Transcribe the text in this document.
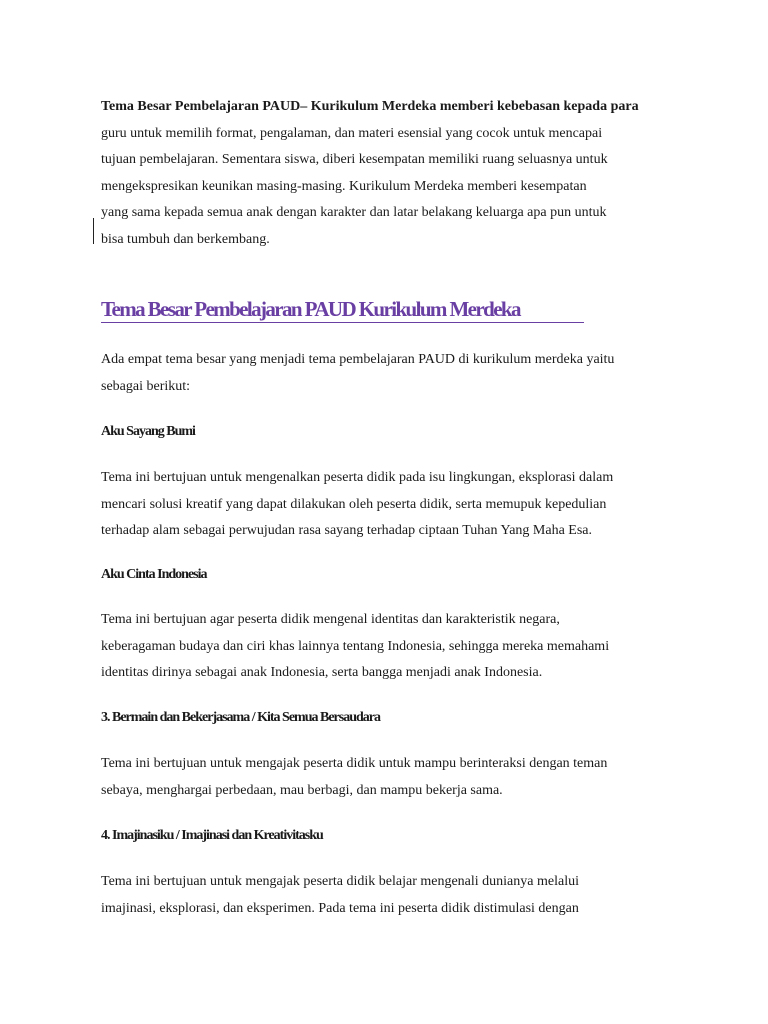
Tema Besar Pembelajaran PAUD– Kurikulum Merdeka memberi kebebasan kepada para
guru untuk memilih format, pengalaman, dan materi esensial yang cocok untuk mencapai
tujuan pembelajaran. Sementara siswa, diberi kesempatan memiliki ruang seluasnya untuk
mengekspresikan keunikan masing-masing. Kurikulum Merdeka memberi kesempatan
yang sama kepada semua anak dengan karakter dan latar belakang keluarga apa pun untuk
bisa tumbuh dan berkembang.
Tema Besar Pembelajaran PAUD Kurikulum Merdeka
Ada empat tema besar yang menjadi tema pembelajaran PAUD di kurikulum merdeka yaitu
sebagai berikut:
Aku Sayang Bumi
Tema ini bertujuan untuk mengenalkan peserta didik pada isu lingkungan, eksplorasi dalam
mencari solusi kreatif yang dapat dilakukan oleh peserta didik, serta memupuk kepedulian
terhadap alam sebagai perwujudan rasa sayang terhadap ciptaan Tuhan Yang Maha Esa.
Aku Cinta Indonesia
Tema ini bertujuan agar peserta didik mengenal identitas dan karakteristik negara,
keberagaman budaya dan ciri khas lainnya tentang Indonesia, sehingga mereka memahami
identitas dirinya sebagai anak Indonesia, serta bangga menjadi anak Indonesia.
3. Bermain dan Bekerjasama / Kita Semua Bersaudara
Tema ini bertujuan untuk mengajak peserta didik untuk mampu berinteraksi dengan teman
sebaya, menghargai perbedaan, mau berbagi, dan mampu bekerja sama.
4. Imajinasiku / Imajinasi dan Kreativitasku
Tema ini bertujuan untuk mengajak peserta didik belajar mengenali dunianya melalui
imajinasi, eksplorasi, dan eksperimen. Pada tema ini peserta didik distimulasi dengan
